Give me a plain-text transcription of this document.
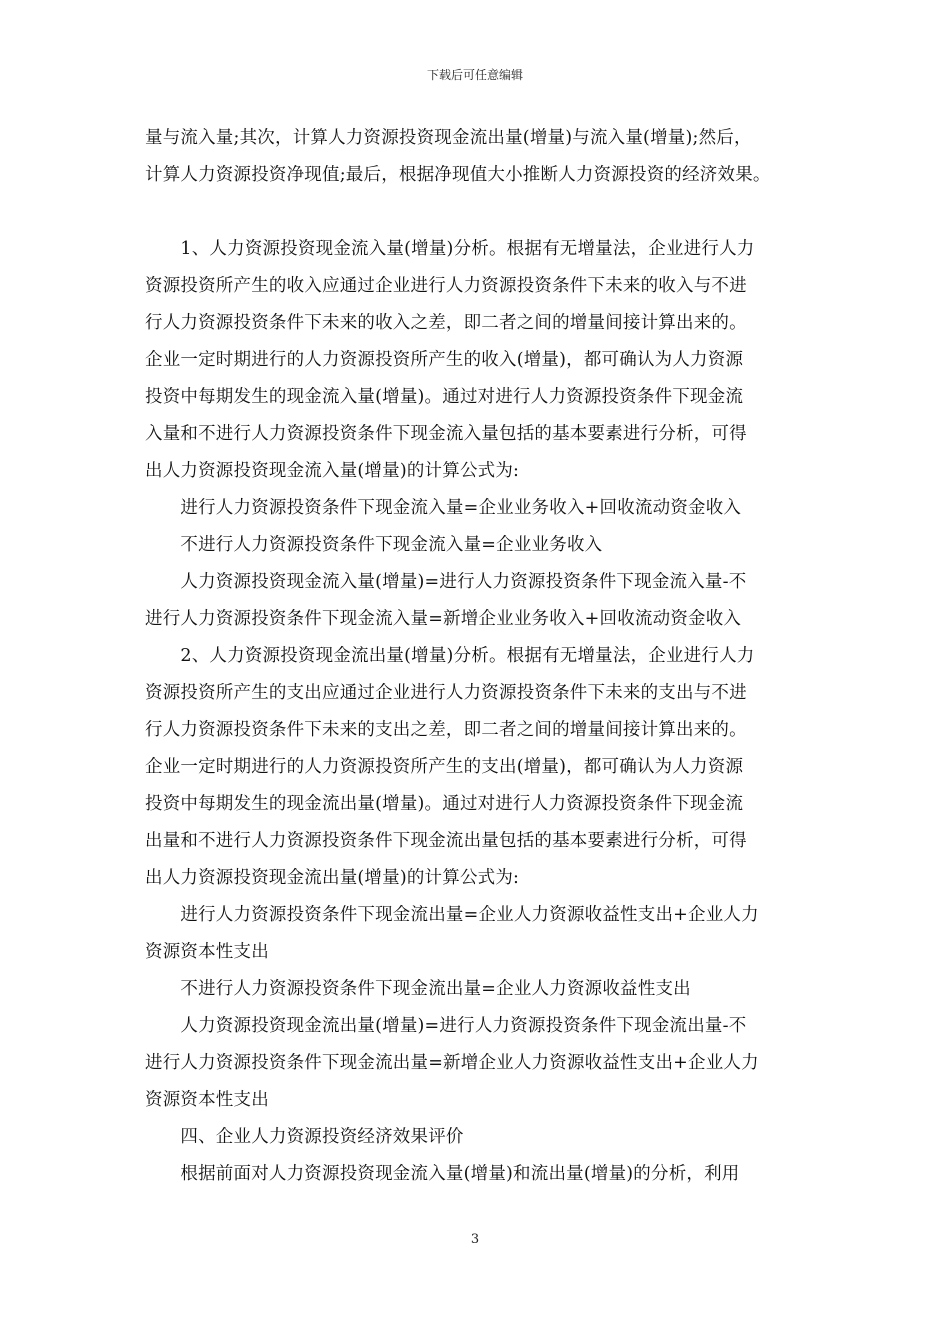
下载后可任意编辑

量与流入量;其次，计算人力资源投资现金流出量(增量)与流入量(增量);然后，

计算人力资源投资净现值;最后，根据净现值大小推断人力资源投资的经济效果。

　　1、人力资源投资现金流入量(增量)分析。根据有无增量法，企业进行人力

资源投资所产生的收入应通过企业进行人力资源投资条件下未来的收入与不进

行人力资源投资条件下未来的收入之差，即二者之间的增量间接计算出来的。

企业一定时期进行的人力资源投资所产生的收入(增量)，都可确认为人力资源

投资中每期发生的现金流入量(增量)。通过对进行人力资源投资条件下现金流

入量和不进行人力资源投资条件下现金流入量包括的基本要素进行分析，可得

出人力资源投资现金流入量(增量)的计算公式为:

　　进行人力资源投资条件下现金流入量=企业业务收入+回收流动资金收入

　　不进行人力资源投资条件下现金流入量=企业业务收入

　　人力资源投资现金流入量(增量)=进行人力资源投资条件下现金流入量-不

进行人力资源投资条件下现金流入量=新增企业业务收入+回收流动资金收入

　　2、人力资源投资现金流出量(增量)分析。根据有无增量法，企业进行人力

资源投资所产生的支出应通过企业进行人力资源投资条件下未来的支出与不进

行人力资源投资条件下未来的支出之差，即二者之间的增量间接计算出来的。

企业一定时期进行的人力资源投资所产生的支出(增量)，都可确认为人力资源

投资中每期发生的现金流出量(增量)。通过对进行人力资源投资条件下现金流

出量和不进行人力资源投资条件下现金流出量包括的基本要素进行分析，可得

出人力资源投资现金流出量(增量)的计算公式为:

　　进行人力资源投资条件下现金流出量=企业人力资源收益性支出+企业人力

资源资本性支出

　　不进行人力资源投资条件下现金流出量=企业人力资源收益性支出

　　人力资源投资现金流出量(增量)=进行人力资源投资条件下现金流出量-不

进行人力资源投资条件下现金流出量=新增企业人力资源收益性支出+企业人力

资源资本性支出

　　四、企业人力资源投资经济效果评价

　　根据前面对人力资源投资现金流入量(增量)和流出量(增量)的分析，利用

3
